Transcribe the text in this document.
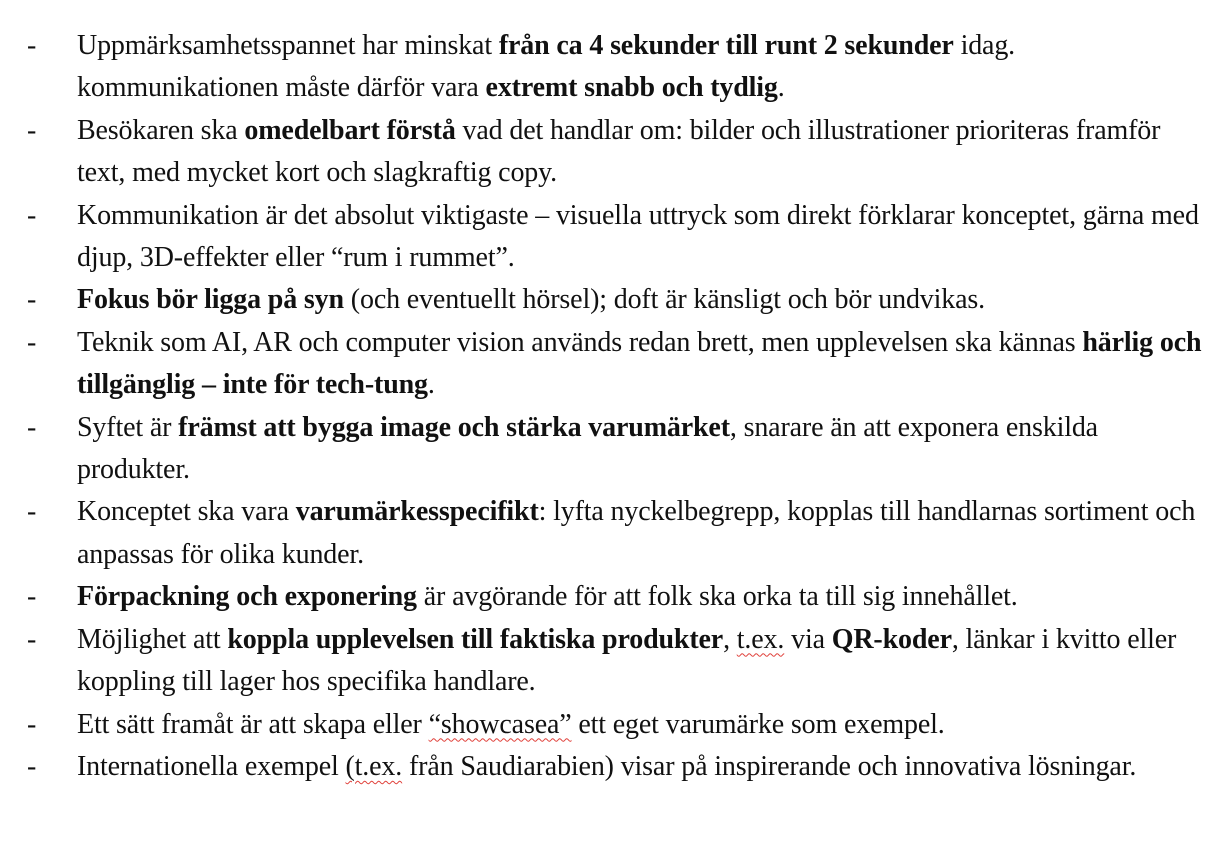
-	Uppmärksamhetsspannet har minskat från ca 4 sekunder till runt 2 sekunder idag. kommunikationen måste därför vara extremt snabb och tydlig.
-	Besökaren ska omedelbart förstå vad det handlar om: bilder och illustrationer prioriteras framför text, med mycket kort och slagkraftig copy.
-	Kommunikation är det absolut viktigaste – visuella uttryck som direkt förklarar konceptet, gärna med djup, 3D-effekter eller “rum i rummet”.
-	Fokus bör ligga på syn (och eventuellt hörsel); doft är känsligt och bör undvikas.
-	Teknik som AI, AR och computer vision används redan brett, men upplevelsen ska kännas härlig och tillgänglig – inte för tech-tung.
-	Syftet är främst att bygga image och stärka varumärket, snarare än att exponera enskilda produkter.
-	Konceptet ska vara varumärkesspecifikt: lyfta nyckelbegrepp, kopplas till handlarnas sortiment och anpassas för olika kunder.
-	Förpackning och exponering är avgörande för att folk ska orka ta till sig innehållet.
-	Möjlighet att koppla upplevelsen till faktiska produkter, t.ex. via QR-koder, länkar i kvitto eller koppling till lager hos specifika handlare.
-	Ett sätt framåt är att skapa eller “showcasea” ett eget varumärke som exempel.
-	Internationella exempel (t.ex. från Saudiarabien) visar på inspirerande och innovativa lösningar.
